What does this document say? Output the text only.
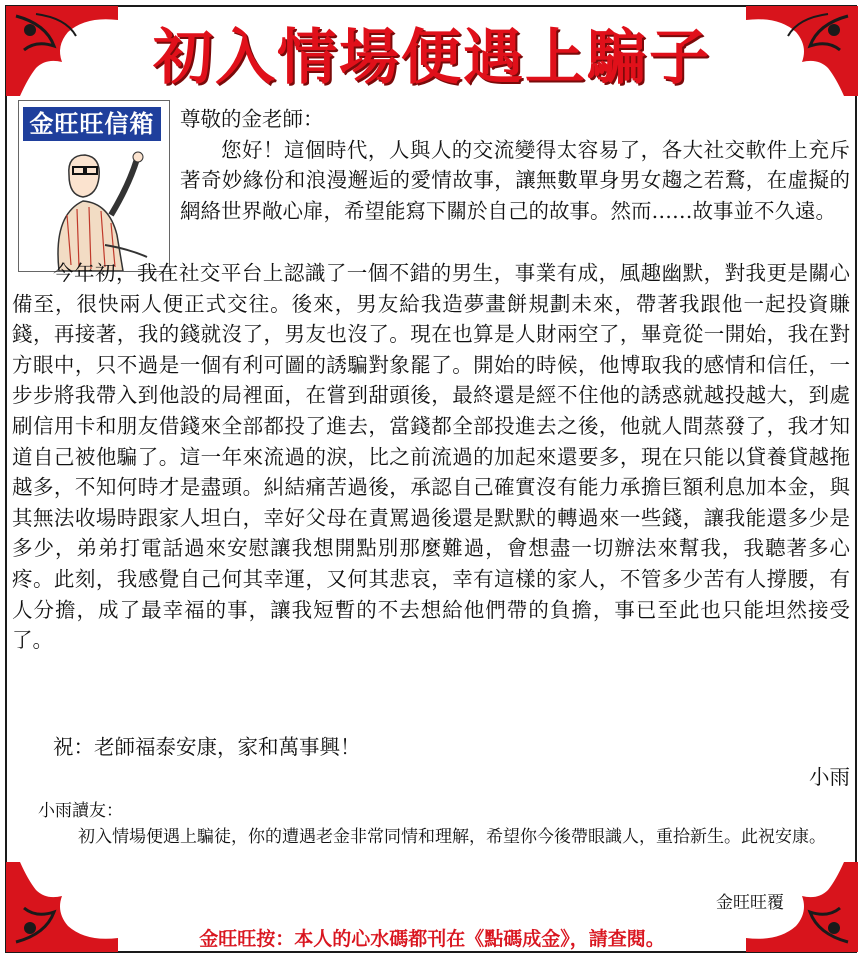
初入情場便遇上騙子
金旺旺信箱	尊敬的金老師：

您好！這個時代，人與人的交流變得太容易了，各大社交軟件上充斥著奇妙緣份和浪漫邂逅的愛情故事，讓無數單身男女趨之若鶩，在虛擬的網絡世界敞心扉，希望能寫下關於自己的故事。然而……故事並不久遠。

今年初，我在社交平台上認識了一個不錯的男生，事業有成，風趣幽默，對我更是關心備至，很快兩人便正式交往。後來，男友給我造夢畫餅規劃未來，帶著我跟他一起投資賺錢，再接著，我的錢就沒了，男友也沒了。現在也算是人財兩空了，畢竟從一開始，我在對方眼中，只不過是一個有利可圖的誘騙對象罷了。開始的時候，他博取我的感情和信任，一步步將我帶入到他設的局裡面，在嘗到甜頭後，最終還是經不住他的誘惑就越投越大，到處刷信用卡和朋友借錢來全部都投了進去，當錢都全部投進去之後，他就人間蒸發了，我才知道自己被他騙了。這一年來流過的淚，比之前流過的加起來還要多，現在只能以貸養貸越拖越多，不知何時才是盡頭。糾結痛苦過後，承認自己確實沒有能力承擔巨額利息加本金，與其無法收場時跟家人坦白，幸好父母在責罵過後還是默默的轉過來一些錢，讓我能還多少是多少，弟弟打電話過來安慰讓我想開點別那麼難過，會想盡一切辦法來幫我，我聽著多心疼。此刻，我感覺自己何其幸運，又何其悲哀，幸有這樣的家人，不管多少苦有人撐腰，有人分擔，成了最幸福的事，讓我短暫的不去想給他們帶的負擔，事已至此也只能坦然接受了。

祝：老師福泰安康，家和萬事興！
小雨
小雨讀友：
初入情場便遇上騙徒，你的遭遇老金非常同情和理解，希望你今後帶眼識人，重拾新生。此祝安康。
金旺旺覆
金旺旺按：本人的心水碼都刊在《點碼成金》，請查閱。
